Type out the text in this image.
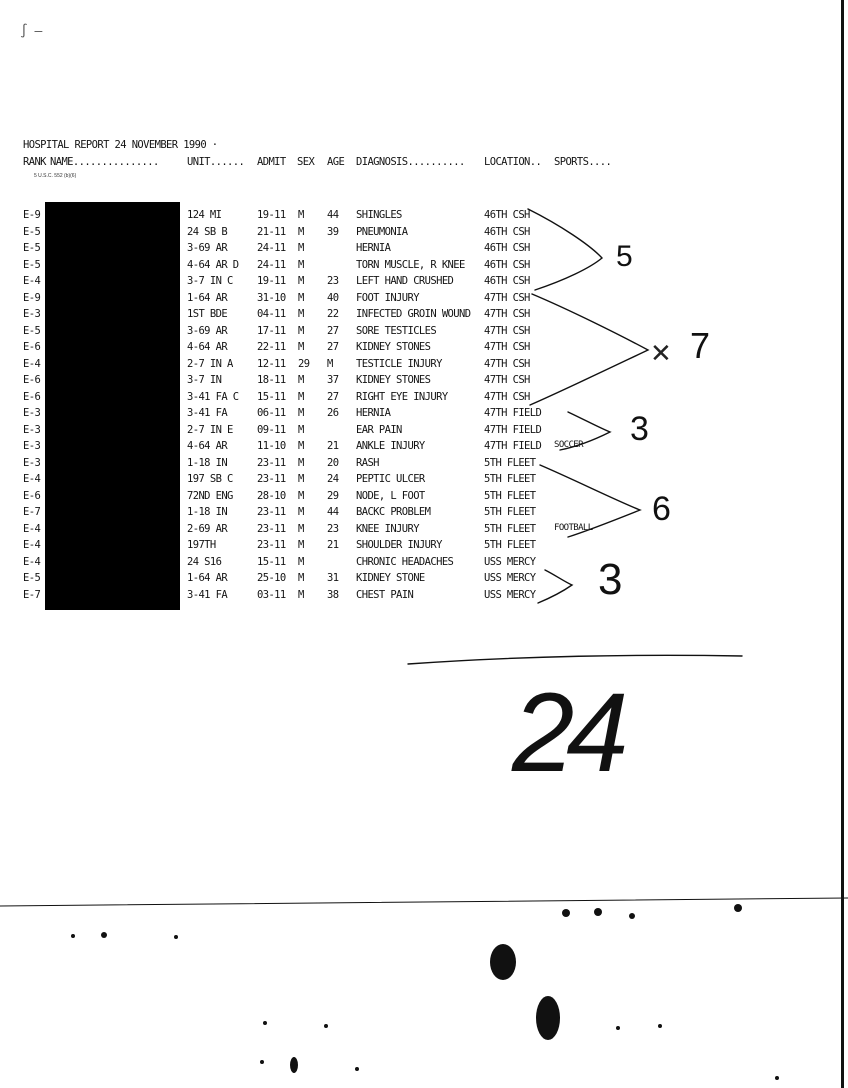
∫ –
HOSPITAL REPORT 24 NOVEMBER 1990 ·
RANK NAME...............	UNIT...... ADMIT SEX AGE DIAGNOSIS.......... LOCATION.. SPORTS....
5 U.S.C. 552 (b)(6)
E-9	124 MI	19-11 M 44 SHINGLES	46TH CSH
E-5	24 SB B	21-11 M 39 PNEUMONIA	46TH CSH
E-5	3-69 AR	24-11 M	HERNIA	46TH CSH
E-5	4-64 AR D 24-11 M	TORN MUSCLE, R KNEE 46TH CSH
E-4	3-7 IN C 19-11 M 23 LEFT HAND CRUSHED	46TH CSH
E-9	1-64 AR	31-10 M 40 FOOT INJURY	47TH CSH
E-3	1ST BDE	04-11 M 22 INFECTED GROIN WOUND 47TH CSH
E-5	3-69 AR	17-11 M 27 SORE TESTICLES	47TH CSH
E-6	4-64 AR	22-11 M 27 KIDNEY STONES	47TH CSH
E-4	2-7 IN A 12-11 29 M TESTICLE INJURY	47TH CSH
E-6	3-7 IN	18-11 M 37 KIDNEY STONES	47TH CSH
E-6	3-41 FA C 15-11 M 27 RIGHT EYE INJURY	47TH CSH
E-3	3-41 FA	06-11 M 26 HERNIA	47TH FIELD
E-3	2-7 IN E 09-11 M	EAR PAIN	47TH FIELD
E-3	4-64 AR	11-10 M 21 ANKLE INJURY	47TH FIELD SOCCER
E-3	1-18 IN	23-11 M 20 RASH	5TH FLEET
E-4	197 SB C 23-11 M 24 PEPTIC ULCER	5TH FLEET
E-6	72ND ENG 28-10 M 29 NODE, L FOOT	5TH FLEET
E-7	1-18 IN	23-11 M 44 BACKC PROBLEM	5TH FLEET
E-4	2-69 AR	23-11 M 23 KNEE INJURY	5TH FLEET FOOTBALL
E-4	197TH	23-11 M 21 SHOULDER INJURY	5TH FLEET
E-4	24 S16	15-11 M	CHRONIC HEADACHES	USS MERCY
E-5	1-64 AR	25-10 M 31 KIDNEY STONE	USS MERCY
E-7	3-41 FA	03-11 M 38 CHEST PAIN	USS MERCY
5
7
✕
3
6
3
24
